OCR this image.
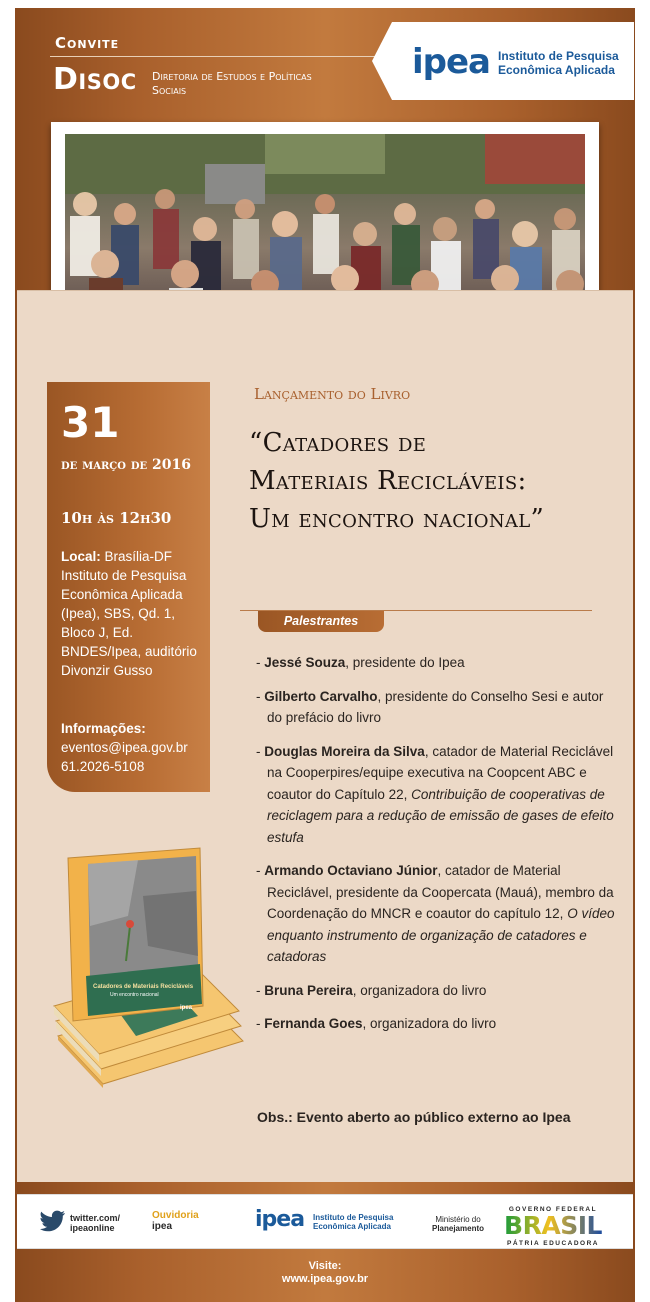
Convite
Disoc Diretoria de Estudos e Políticas Sociais
ipea Instituto de Pesquisa Econômica Aplicada
31
de março de 2016
10h às 12h30
Local: Brasília-DF Instituto de Pesquisa Econômica Aplicada (Ipea), SBS, Qd. 1, Bloco J, Ed. BNDES/Ipea, auditório Divonzir Gusso
Informações:
eventos@ipea.gov.br
61.2026-5108
Lançamento do Livro
“Catadores de
Materiais Recicláveis:
Um encontro nacional”
Palestrantes
- Jessé Souza, presidente do Ipea
- Gilberto Carvalho, presidente do Conselho Sesi e autor do prefácio do livro
- Douglas Moreira da Silva, catador de Material Reciclável na Cooperpires/equipe executiva na Coopcent ABC e coautor do Capítulo 22, Contribuição de cooperativas de reciclagem para a redução de emissão de gases de efeito estufa
- Armando Octaviano Júnior, catador de Material Reciclável, presidente da Coopercata (Mauá), membro da Coordenação do MNCR e coautor do capítulo 12, O vídeo enquanto instrumento de organização de catadores e catadoras
- Bruna Pereira, organizadora do livro
- Fernanda Goes, organizadora do livro
Obs.: Evento aberto ao público externo ao Ipea
Catadores de Materiais Recicláveis
Um encontro nacional
ipea
twitter.com/
ipeaonline
Ouvidoria
ipea	ipea Instituto de Pesquisa
Econômica Aplicada
Ministério do
Planejamento
GOVERNO FEDERAL
BRASIL
PÁTRIA EDUCADORA
Visite:
www.ipea.gov.br
